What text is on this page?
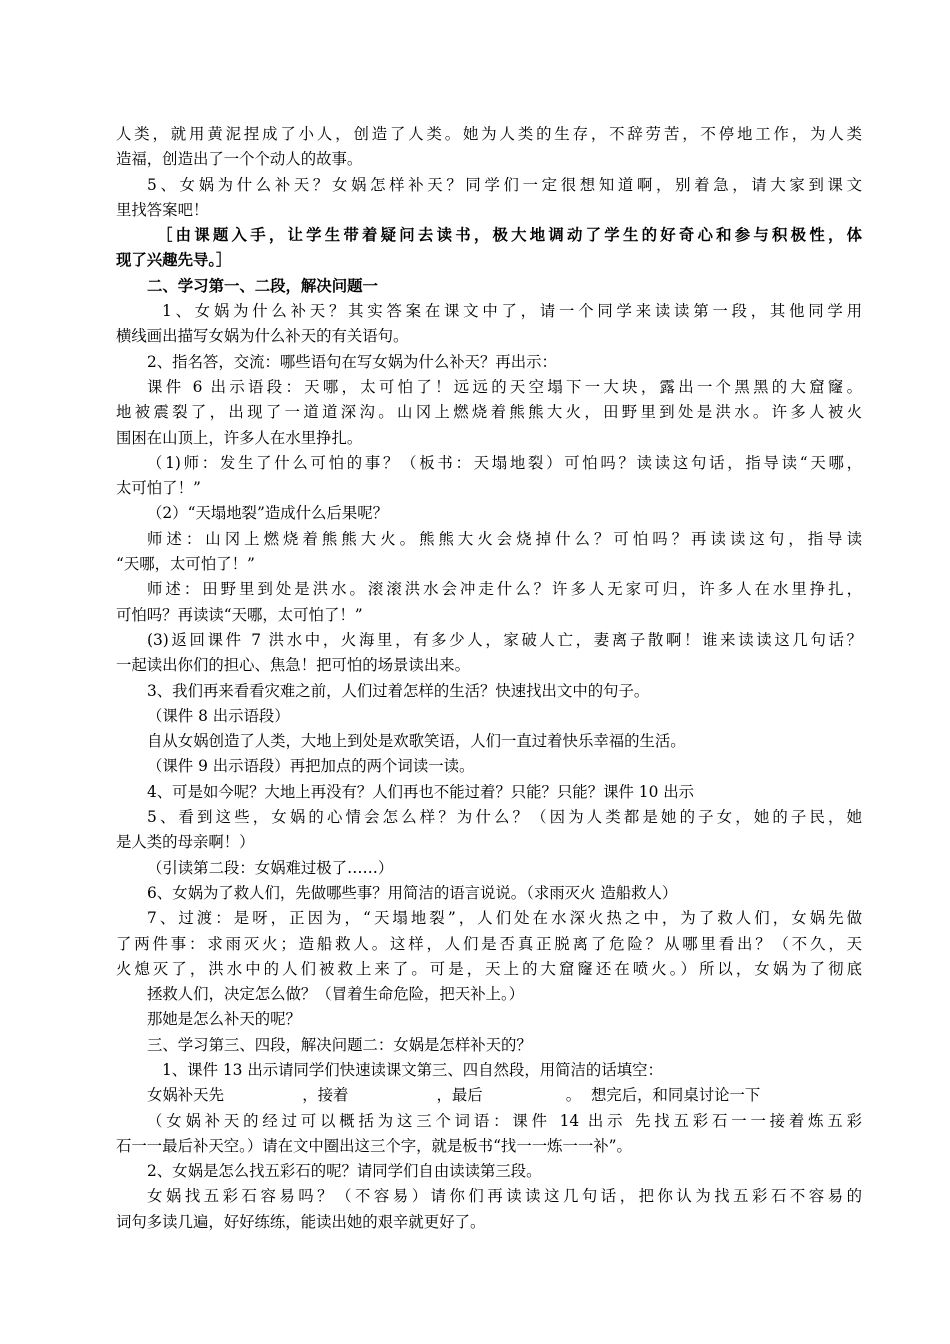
人类，就用黄泥捏成了小人，创造了人类。她为人类的生存，不辞劳苦，不停地工作，为人类
造福，创造出了一个个动人的故事。
5、女娲为什么补天？女娲怎样补天？同学们一定很想知道啊，别着急，请大家到课文
里找答案吧！
［由课题入手，让学生带着疑问去读书，极大地调动了学生的好奇心和参与积极性，体
现了兴趣先导。］
二、学习第一、二段，解决问题一
1、女娲为什么补天？其实答案在课文中了，请一个同学来读读第一段，其他同学用
横线画出描写女娲为什么补天的有关语句。
2、指名答，交流：哪些语句在写女娲为什么补天？再出示：
课件 6 出示语段：天哪，太可怕了！远远的天空塌下一大块，露出一个黑黑的大窟窿。
地被震裂了，出现了一道道深沟。山冈上燃烧着熊熊大火，田野里到处是洪水。许多人被火
围困在山顶上，许多人在水里挣扎。
（1)师：发生了什么可怕的事？（板书：天塌地裂）可怕吗？读读这句话，指导读“天哪，
太可怕了！”
（2）“天塌地裂”造成什么后果呢？
师述：山冈上燃烧着熊熊大火。熊熊大火会烧掉什么？可怕吗？再读读这句，指导读
“天哪，太可怕了！”
师述：田野里到处是洪水。滚滚洪水会冲走什么？许多人无家可归，许多人在水里挣扎，
可怕吗？再读读“天哪，太可怕了！”
(3)返回课件 7 洪水中，火海里，有多少人，家破人亡，妻离子散啊！谁来读读这几句话？
一起读出你们的担心、焦急！把可怕的场景读出来。
3、我们再来看看灾难之前，人们过着怎样的生活？快速找出文中的句子。
（课件 8 出示语段）
自从女娲创造了人类，大地上到处是欢歌笑语，人们一直过着快乐幸福的生活。
（课件 9 出示语段）再把加点的两个词读一读。
4、可是如今呢？大地上再没有？人们再也不能过着？只能？只能？课件 10 出示
5、看到这些，女娲的心情会怎么样？为什么？（因为人类都是她的子女，她的子民，她
是人类的母亲啊！）
（引读第二段：女娲难过极了……）
6、女娲为了救人们，先做哪些事？用简洁的语言说说。（求雨灭火 造船救人）
7、过渡：是呀，正因为，“天塌地裂”，人们处在水深火热之中，为了救人们，女娲先做
了两件事：求雨灭火；造船救人。这样，人们是否真正脱离了危险？从哪里看出？（不久，天
火熄灭了，洪水中的人们被救上来了。可是，天上的大窟窿还在喷火。）所以，女娲为了彻底
拯救人们，决定怎么做？（冒着生命危险，把天补上。）
那她是怎么补天的呢？
三、学习第三、四段，解决问题二：女娲是怎样补天的？
1、课件 13 出示请同学们快速读课文第三、四自然段，用简洁的话填空：
女娲补天先                ，接着                  ，最后                 。  想完后，和同桌讨论一下
（女娲补天的经过可以概括为这三个词语：课件 14 出示 先找五彩石一一接着炼五彩
石一一最后补天空。）请在文中圈出这三个字，就是板书“找一一炼一一补”。
2、女娲是怎么找五彩石的呢？请同学们自由读读第三段。
女娲找五彩石容易吗？（不容易）请你们再读读这几句话，把你认为找五彩石不容易的
词句多读几遍，好好练练，能读出她的艰辛就更好了。
